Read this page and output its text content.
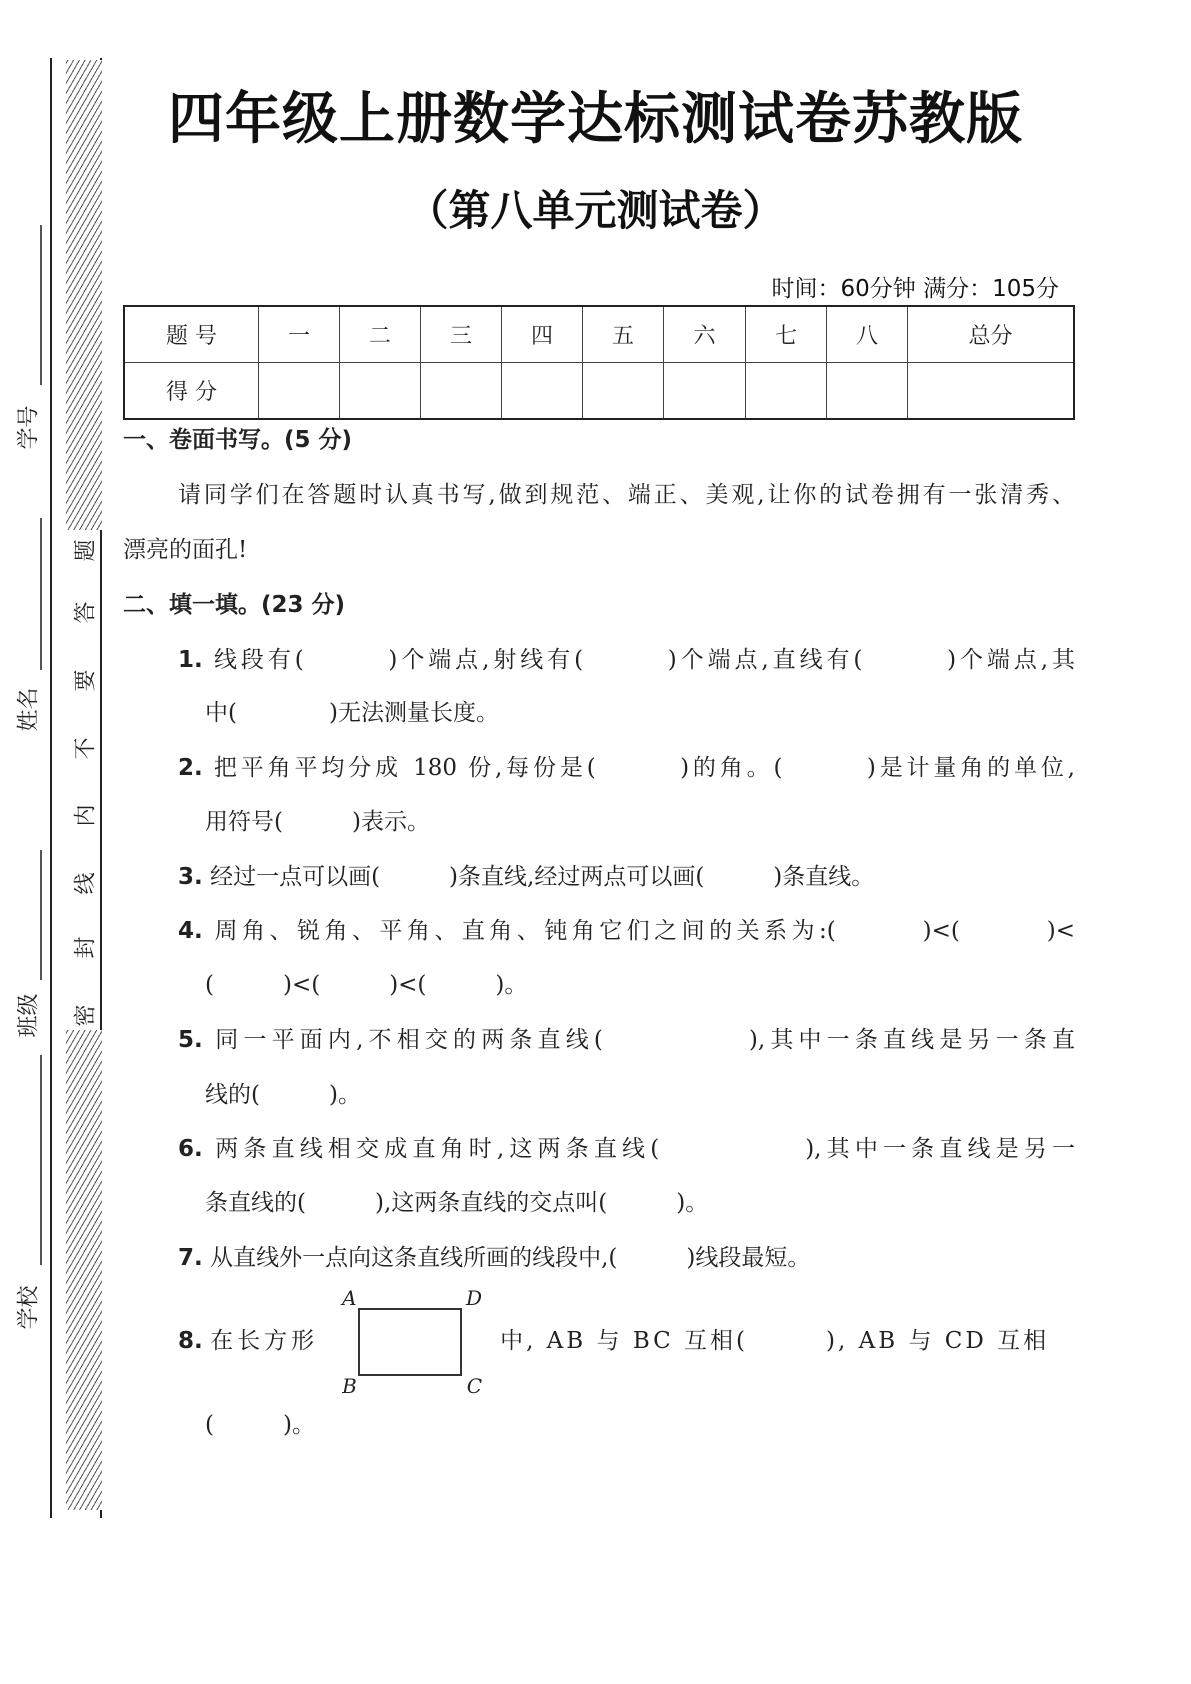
题
答
要
不
内
线
封
密
学号
姓名
班级
学校
四年级上册数学达标测试卷苏教版
（第八单元测试卷）
时间：60分钟 满分：105分
题 号	一	二	三	四	五	六	七	八	总分
得 分									
一、卷面书写。(5 分)
请同学们在答题时认真书写,做到规范、端正、美观,让你的试卷拥有一张清秀、
漂亮的面孔!
二、填一填。(23 分)
1. 线段有(　　　)个端点,射线有(　　　)个端点,直线有(　　　)个端点,其
中(　　　　)无法测量长度。
2. 把平角平均分成 180 份,每份是(　　　)的角。(　　　)是计量角的单位,
用符号(　　　)表示。
3. 经过一点可以画(　　　)条直线,经过两点可以画(　　　)条直线。
4. 周角、锐角、平角、直角、钝角它们之间的关系为:(　　　)<(　　　)<
(　　　)<(　　　)<(　　　)。
5. 同一平面内,不相交的两条直线(　　　　　),其中一条直线是另一条直
线的(　　　)。
6. 两条直线相交成直角时,这两条直线(　　　　　),其中一条直线是另一
条直线的(　　　),这两条直线的交点叫(　　　)。
7. 从直线外一点向这条直线所画的线段中,(　　　)线段最短。
8. 在长方形
A	D
B	C
中, AB 与 BC 互相(　　　), AB 与 CD 互相
(　　　)。
